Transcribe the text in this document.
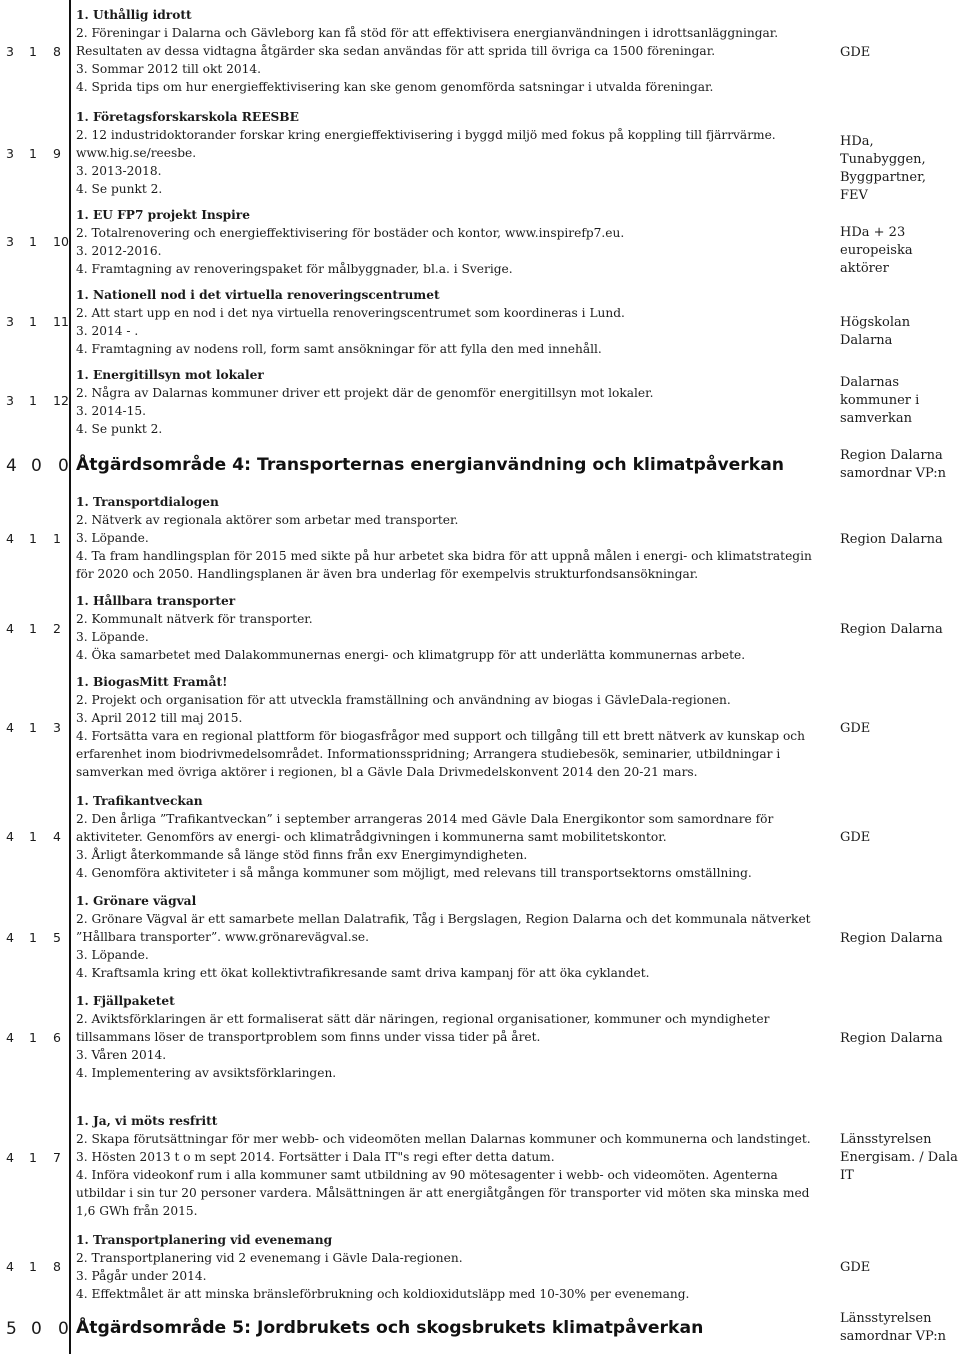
3 1 8
1. Uthållig idrott
2. Föreningar i Dalarna och Gävleborg kan få stöd för att effektivisera energianvändningen i idrottsanläggningar. Resultaten av dessa vidtagna åtgärder ska sedan användas för att sprida till övriga ca 1500 föreningar.
3. Sommar 2012 till okt 2014.
4. Sprida tips om hur energieffektivisering kan ske genom genomförda satsningar i utvalda föreningar.
GDE
3 1 9
1. Företagsforskarskola REESBE
2. 12 industridoktorander forskar kring energieffektivisering i byggd miljö med fokus på koppling till fjärrvärme. www.hig.se/reesbe.
3. 2013-2018.
4. Se punkt 2.
HDa, Tunabyggen, Byggpartner, FEV
3 1 10
1. EU FP7 projekt Inspire
2. Totalrenovering och energieffektivisering för bostäder och kontor, www.inspirefp7.eu.
3. 2012-2016.
4. Framtagning av renoveringspaket för målbyggnader, bl.a. i Sverige.
HDa + 23 europeiska aktörer
3 1 11
1. Nationell nod i det virtuella renoveringscentrumet
2. Att start upp en nod i det nya virtuella renoveringscentrumet som koordineras i Lund.
3. 2014 - .
4. Framtagning av nodens roll, form samt ansökningar för att fylla den med innehåll.
Högskolan Dalarna
3 1 12
1. Energitillsyn mot lokaler
2. Några av Dalarnas kommuner driver ett projekt där de genomför energitillsyn mot lokaler.
3. 2014-15.
4. Se punkt 2.
Dalarnas kommuner i samverkan
4 0 0 Åtgärdsområde 4: Transporternas energianvändning och klimatpåverkan	Region Dalarna samordnar VP:n
4 1 1
1. Transportdialogen
2. Nätverk av regionala aktörer som arbetar med transporter.
3. Löpande.
4. Ta fram handlingsplan för 2015 med sikte på hur arbetet ska bidra för att uppnå målen i energi- och klimatstrategin för 2020 och 2050. Handlingsplanen är även bra underlag för exempelvis strukturfondsansökningar.
Region Dalarna
4 1 2
1. Hållbara transporter
2. Kommunalt nätverk för transporter.
3. Löpande.
4. Öka samarbetet med Dalakommunernas energi- och klimatgrupp för att underlätta kommunernas arbete.
Region Dalarna
4 1 3
1. BiogasMitt Framåt!
2. Projekt och organisation för att utveckla framställning och användning av biogas i GävleDala-regionen.
3. April 2012 till maj 2015.
4. Fortsätta vara en regional plattform för biogasfrågor med support och tillgång till ett brett nätverk av kunskap och erfarenhet inom biodrivmedelsområdet. Informationsspridning; Arrangera studiebesök, seminarier, utbildningar i samverkan med övriga aktörer i regionen, bl a Gävle Dala Drivmedelskonvent 2014 den 20-21 mars.
GDE
4 1 4
1. Trafikantveckan
2. Den årliga ”Trafikantveckan” i september arrangeras 2014 med Gävle Dala Energikontor som samordnare för aktiviteter. Genomförs av energi- och klimatrådgivningen i kommunerna samt mobilitetskontor.
3. Årligt återkommande så länge stöd finns från exv Energimyndigheten.
4. Genomföra aktiviteter i så många kommuner som möjligt, med relevans till transportsektorns omställning.
GDE
4 1 5
1. Grönare vägval
2. Grönare Vägval är ett samarbete mellan Dalatrafik, Tåg i Bergslagen, Region Dalarna och det kommunala nätverket ”Hållbara transporter”. www.grönarevägval.se.
3. Löpande.
4. Kraftsamla kring ett ökat kollektivtrafikresande samt driva kampanj för att öka cyklandet.
Region Dalarna
4 1 6
1. Fjällpaketet
2. Aviktsförklaringen är ett formaliserat sätt där näringen, regional organisationer, kommuner och myndigheter tillsammans löser de transportproblem som finns under vissa tider på året.
3. Våren 2014.
4. Implementering av avsiktsförklaringen.
Region Dalarna
4 1 7
1. Ja, vi möts resfritt
2. Skapa förutsättningar för mer webb- och videomöten mellan Dalarnas kommuner och kommunerna och landstinget.
3. Hösten 2013 t o m sept 2014. Fortsätter i Dala IT"s regi efter detta datum.
4. Införa videokonf rum i alla kommuner samt utbildning av 90 mötesagenter i webb- och videomöten. Agenterna utbildar i sin tur 20 personer vardera. Målsättningen är att energiåtgången för transporter vid möten ska minska med 1,6 GWh från 2015.
Länsstyrelsen Energisam. / Dala IT
4 1 8
1. Transportplanering vid evenemang
2. Transportplanering vid 2 evenemang i Gävle Dala-regionen.
3. Pågår under 2014.
4. Effektmålet är att minska bränsleförbrukning och koldioxidutsläpp med 10-30% per evenemang.
GDE
5 0 0 Åtgärdsområde 5: Jordbrukets och skogsbrukets klimatpåverkan	Länsstyrelsen samordnar VP:n
